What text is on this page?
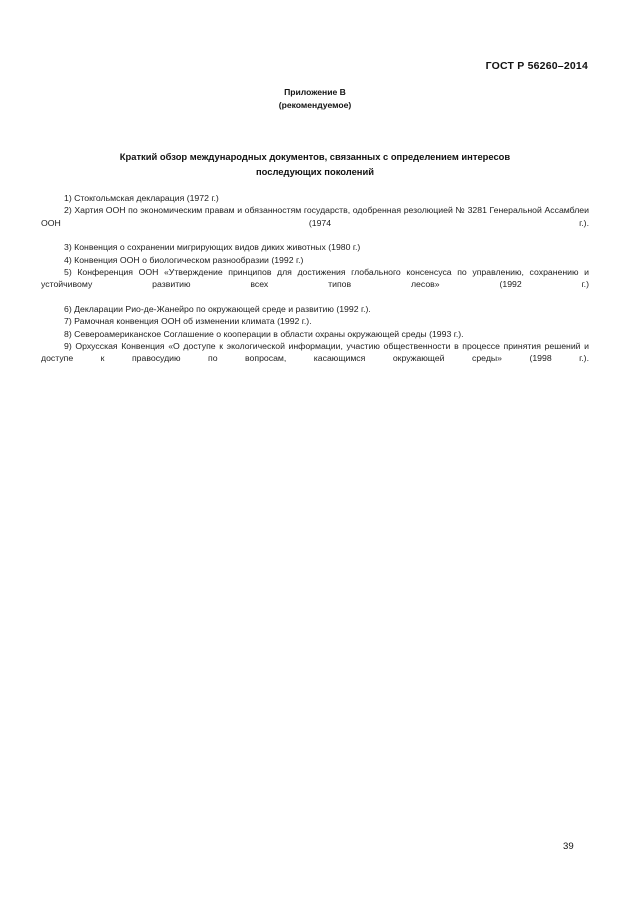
ГОСТ Р 56260–2014
Приложение В
(рекомендуемое)
Краткий обзор международных документов, связанных с определением интересов
последующих поколений

1) Стокгольмская декларация (1972 г.)

2) Хартия ООН по экономическим правам и обязанностям государств, одобренная резолюцией № 3281 Генеральной Ассамблеи ООН (1974 г.).

3) Конвенция о сохранении мигрирующих видов диких животных (1980 г.)

4) Конвенция ООН о биологическом разнообразии (1992 г.)

5) Конференция ООН «Утверждение принципов для достижения глобального консенсуса по управлению, сохранению и устойчивому развитию всех типов лесов» (1992 г.)

6) Декларации Рио-де-Жанейро по окружающей среде и развитию (1992 г.).

7) Рамочная конвенция ООН об изменении климата (1992 г.).

8) Североамериканское Соглашение о кооперации в области охраны окружающей среды (1993 г.).

9) Орхусская Конвенция «О доступе к экологической информации, участию общественности в процессе принятия решений и доступе к правосудию по вопросам, касающимся окружающей среды» (1998 г.).

39
